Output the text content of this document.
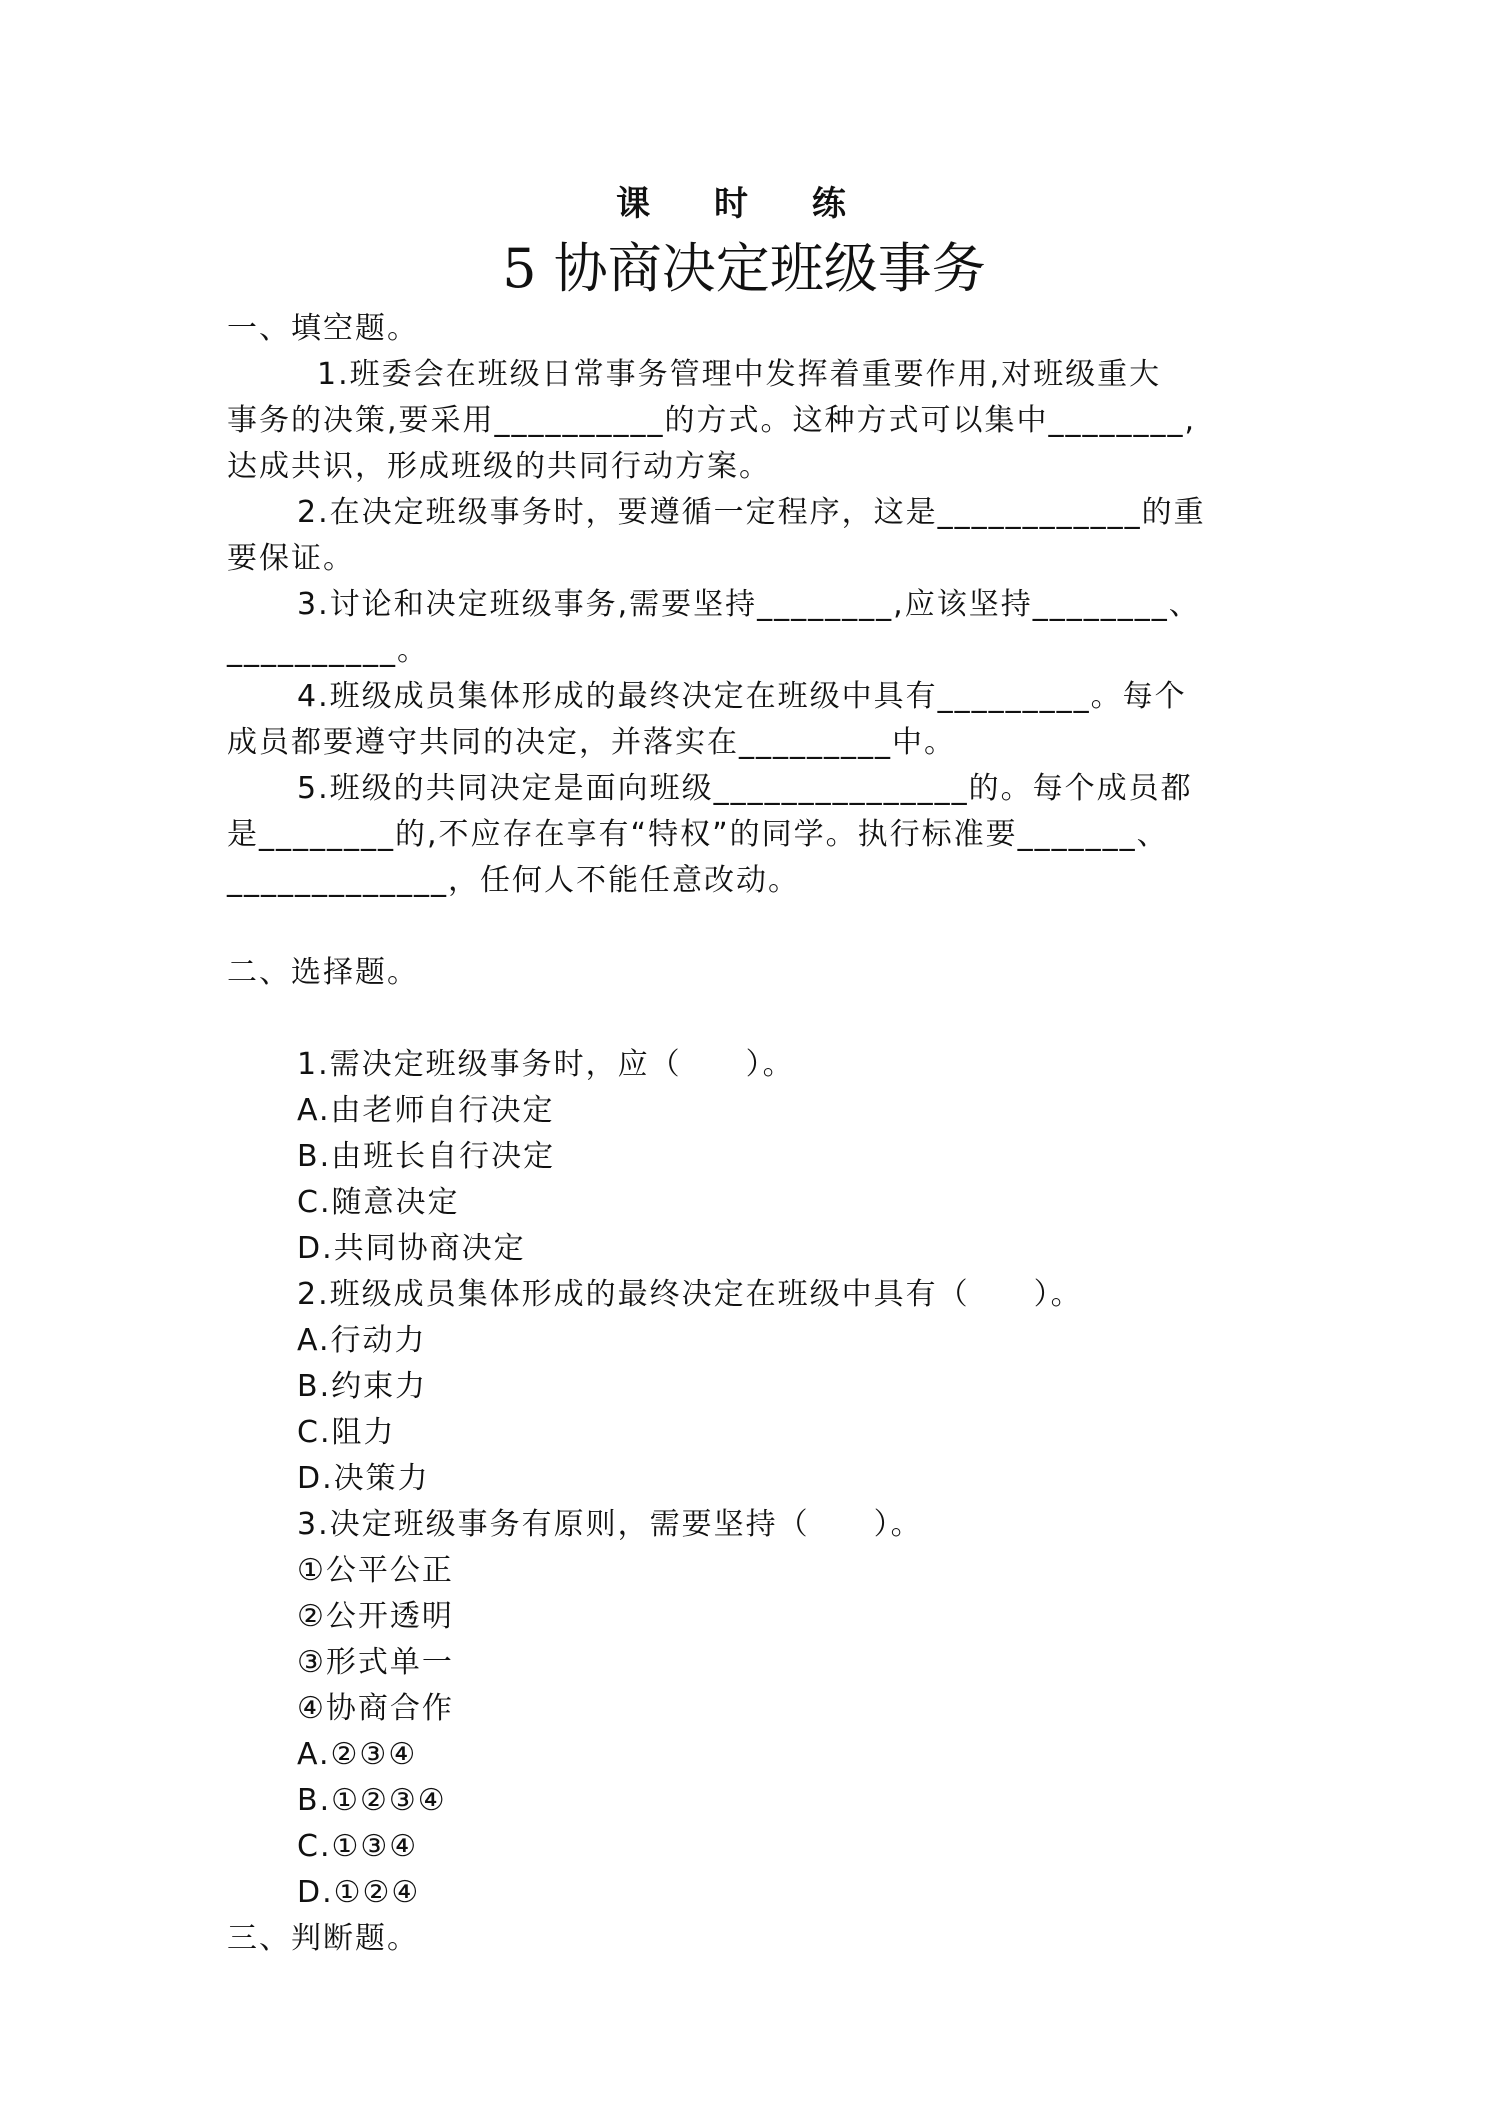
课 时 练
5 协商决定班级事务
一、填空题。
1.班委会在班级日常事务管理中发挥着重要作用,对班级重大
事务的决策,要采用__________的方式。这种方式可以集中________,
达成共识，形成班级的共同行动方案。
2.在决定班级事务时，要遵循一定程序，这是____________的重
要保证。
3.讨论和决定班级事务,需要坚持________,应该坚持________、
__________。
4.班级成员集体形成的最终决定在班级中具有_________。每个
成员都要遵守共同的决定，并落实在_________中。
5.班级的共同决定是面向班级_______________的。每个成员都
是________的,不应存在享有“特权”的同学。执行标准要_______、
_____________，任何人不能任意改动。
二、选择题。
1.需决定班级事务时，应（　　）。
A.由老师自行决定
B.由班长自行决定
C.随意决定
D.共同协商决定
2.班级成员集体形成的最终决定在班级中具有（　　）。
A.行动力
B.约束力
C.阻力
D.决策力
3.决定班级事务有原则，需要坚持（　　）。
①公平公正
②公开透明
③形式单一
④协商合作
A.②③④
B.①②③④
C.①③④
D.①②④
三、判断题。
